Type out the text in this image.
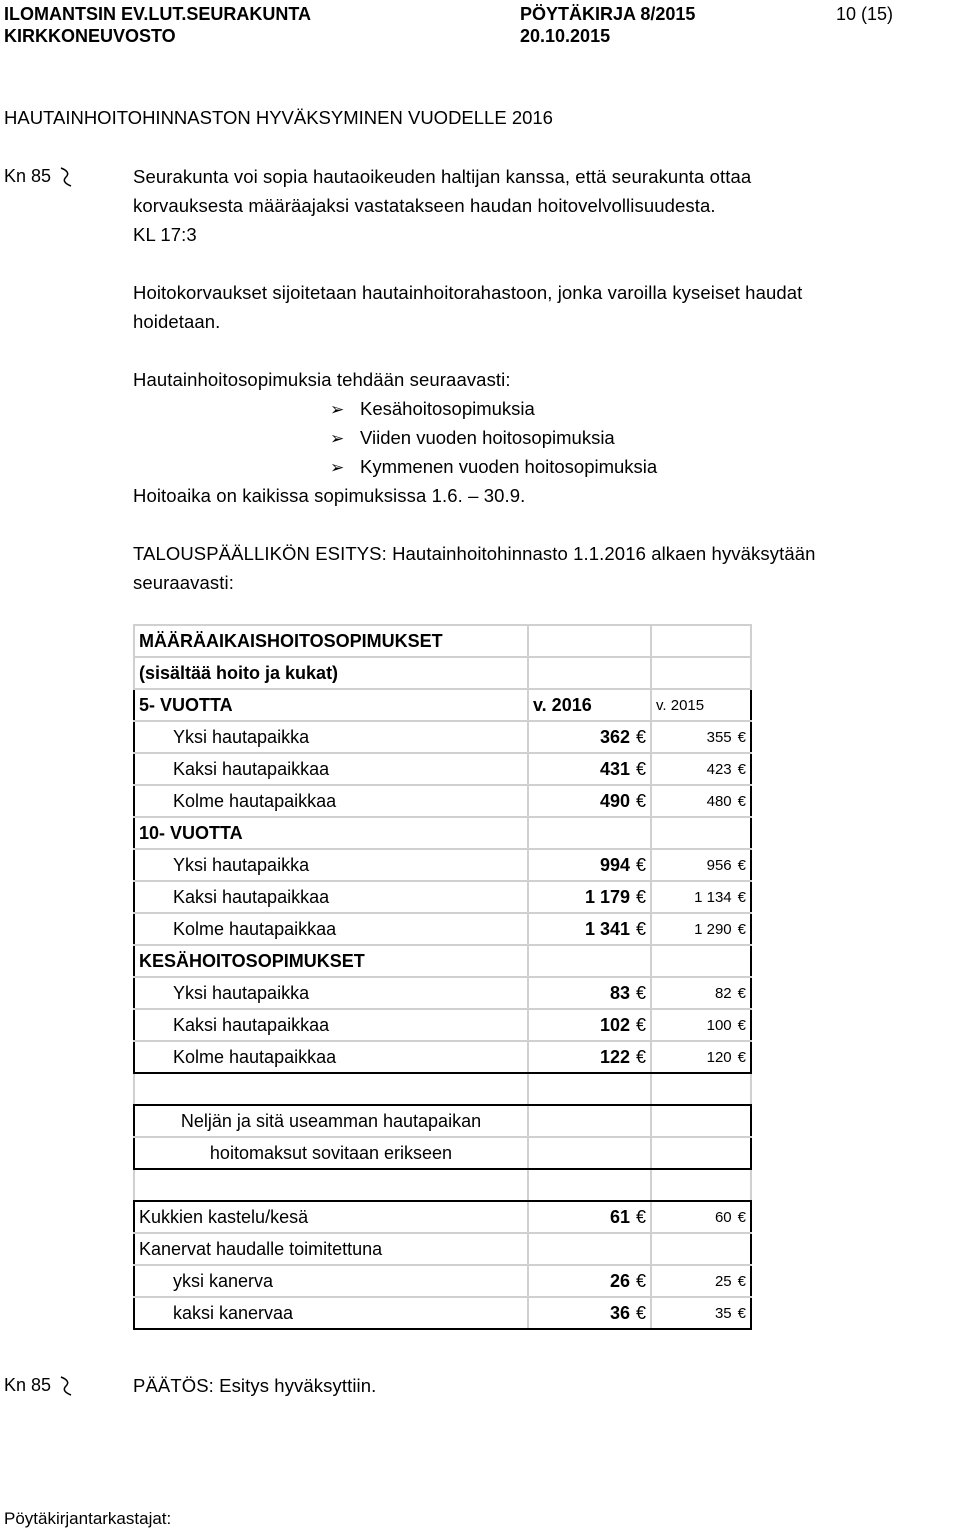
ILOMANTSIN EV.LUT.SEURAKUNTA
KIRKKONEUVOSTO
PÖYTÄKIRJA 8/2015
20.10.2015
10 (15)
HAUTAINHOITOHINNASTON HYVÄKSYMINEN VUODELLE 2016
Kn 85	Seurakunta voi sopia hautaoikeuden haltijan kanssa, että seurakunta ottaa
korvauksesta määräajaksi vastatakseen haudan hoitovelvollisuudesta.
KL 17:3
Hoitokorvaukset sijoitetaan hautainhoitorahastoon, jonka varoilla kyseiset haudat
hoidetaan.
Hautainhoitosopimuksia tehdään seuraavasti:
➢ Kesähoitosopimuksia
➢ Viiden vuoden hoitosopimuksia
➢ Kymmenen vuoden hoitosopimuksia
Hoitoaika on kaikissa sopimuksissa 1.6. – 30.9.
TALOUSPÄÄLLIKÖN ESITYS: Hautainhoitohinnasto 1.1.2016 alkaen hyväksytään
seuraavasti:
MÄÄRÄAIKAISHOITOSOPIMUKSET		
(sisältää hoito ja kukat)		
5- VUOTTA	v. 2016	v. 2015
Yksi hautapaikka	362 €	355 €
Kaksi hautapaikkaa	431 €	423 €
Kolme hautapaikkaa	490 €	480 €
10- VUOTTA		
Yksi hautapaikka	994 €	956 €
Kaksi hautapaikkaa	1 179 €	1 134 €
Kolme hautapaikkaa	1 341 €	1 290 €
KESÄHOITOSOPIMUKSET		
Yksi hautapaikka	83 €	82 €
Kaksi hautapaikkaa	102 €	100 €
Kolme hautapaikkaa	122 €	120 €

Neljän ja sitä useamman hautapaikan		
hoitomaksut sovitaan erikseen		

Kukkien kastelu/kesä	61 €	60 €
Kanervat haudalle toimitettuna		
yksi kanerva	26 €	25 €
kaksi kanervaa	36 €	35 €
Kn 85	PÄÄTÖS: Esitys hyväksyttiin.
Pöytäkirjantarkastajat:
